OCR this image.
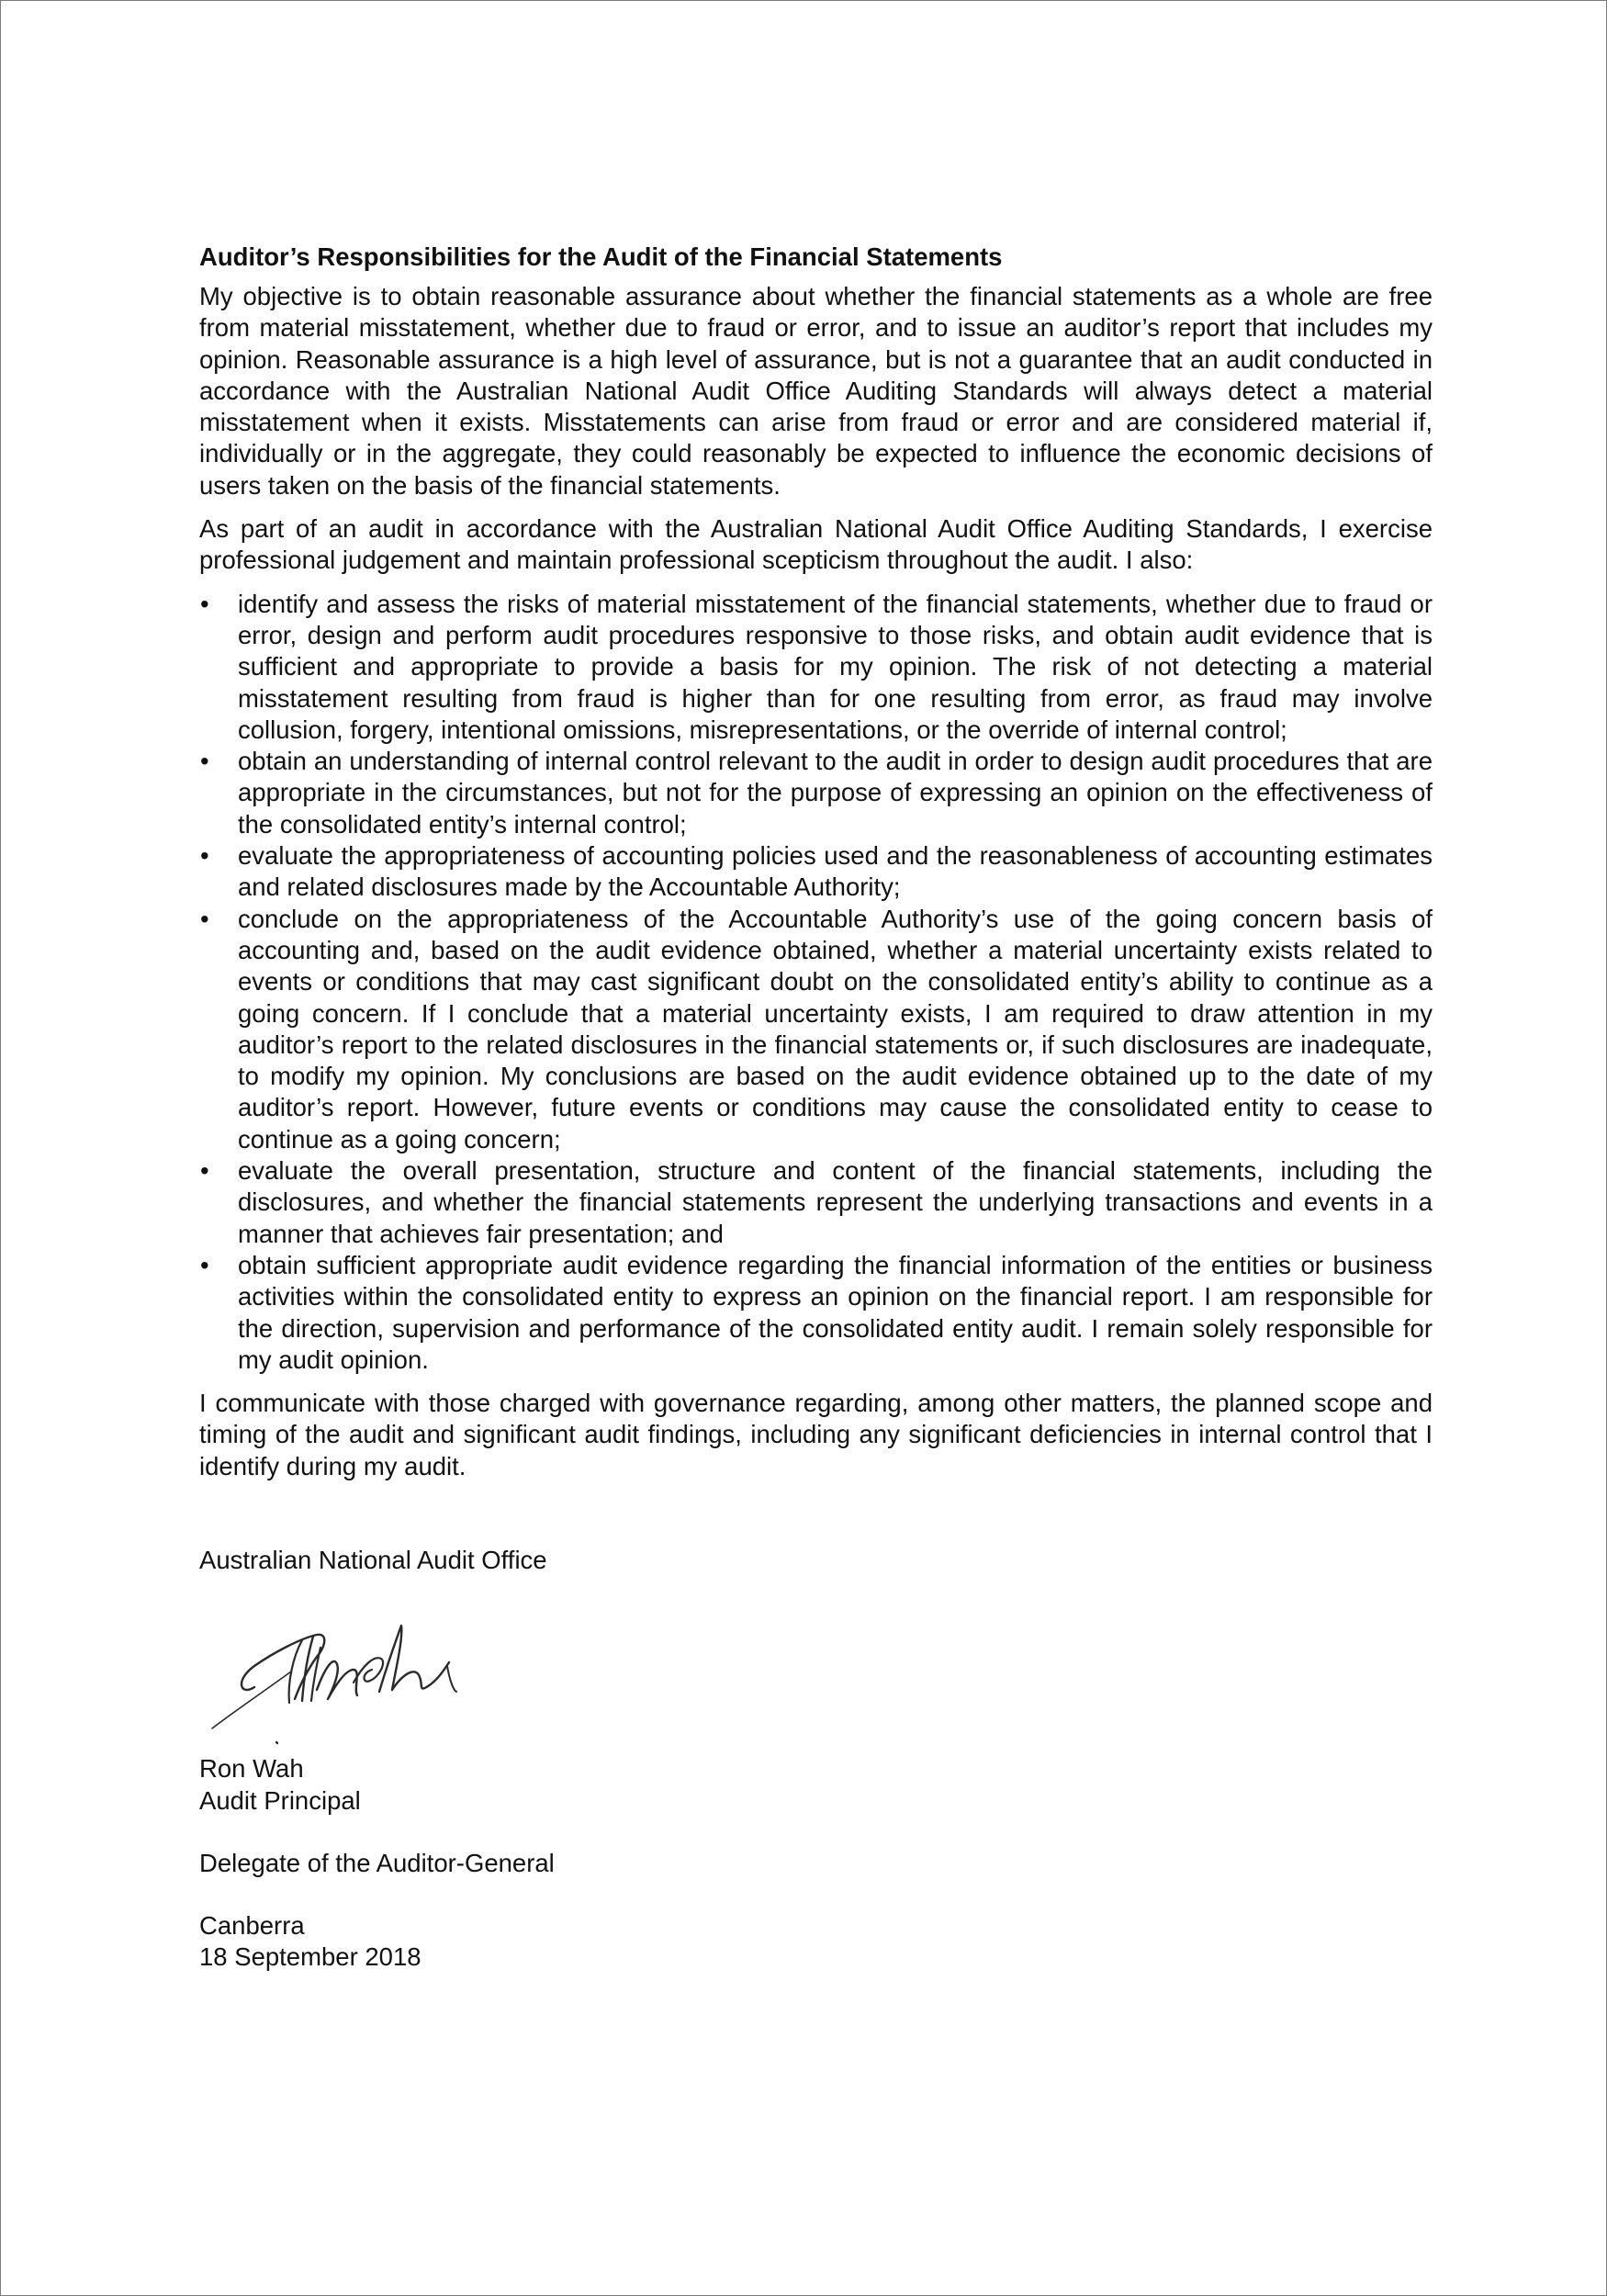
Auditor’s Responsibilities for the Audit of the Financial Statements

My objective is to obtain reasonable assurance about whether the financial statements as a whole are free from material misstatement, whether due to fraud or error, and to issue an auditor’s report that includes my opinion. Reasonable assurance is a high level of assurance, but is not a guarantee that an audit conducted in accordance with the Australian National Audit Office Auditing Standards will always detect a material misstatement when it exists. Misstatements can arise from fraud or error and are considered material if, individually or in the aggregate, they could reasonably be expected to influence the economic decisions of users taken on the basis of the financial statements.

As part of an audit in accordance with the Australian National Audit Office Auditing Standards, I exercise professional judgement and maintain professional scepticism throughout the audit. I also:

• identify and assess the risks of material misstatement of the financial statements, whether due to fraud or error, design and perform audit procedures responsive to those risks, and obtain audit evidence that is sufficient and appropriate to provide a basis for my opinion. The risk of not detecting a material misstatement resulting from fraud is higher than for one resulting from error, as fraud may involve collusion, forgery, intentional omissions, misrepresentations, or the override of internal control;
• obtain an understanding of internal control relevant to the audit in order to design audit procedures that are appropriate in the circumstances, but not for the purpose of expressing an opinion on the effectiveness of the consolidated entity’s internal control;
• evaluate the appropriateness of accounting policies used and the reasonableness of accounting estimates and related disclosures made by the Accountable Authority;
• conclude on the appropriateness of the Accountable Authority’s use of the going concern basis of accounting and, based on the audit evidence obtained, whether a material uncertainty exists related to events or conditions that may cast significant doubt on the consolidated entity’s ability to continue as a going concern. If I conclude that a material uncertainty exists, I am required to draw attention in my auditor’s report to the related disclosures in the financial statements or, if such disclosures are inadequate, to modify my opinion. My conclusions are based on the audit evidence obtained up to the date of my auditor’s report. However, future events or conditions may cause the consolidated entity to cease to continue as a going concern;
• evaluate the overall presentation, structure and content of the financial statements, including the disclosures, and whether the financial statements represent the underlying transactions and events in a manner that achieves fair presentation; and
• obtain sufficient appropriate audit evidence regarding the financial information of the entities or business activities within the consolidated entity to express an opinion on the financial report. I am responsible for the direction, supervision and performance of the consolidated entity audit. I remain solely responsible for my audit opinion.

I communicate with those charged with governance regarding, among other matters, the planned scope and timing of the audit and significant audit findings, including any significant deficiencies in internal control that I identify during my audit.

Australian National Audit Office
Ron Wah
Audit Principal
Delegate of the Auditor-General
Canberra
18 September 2018
